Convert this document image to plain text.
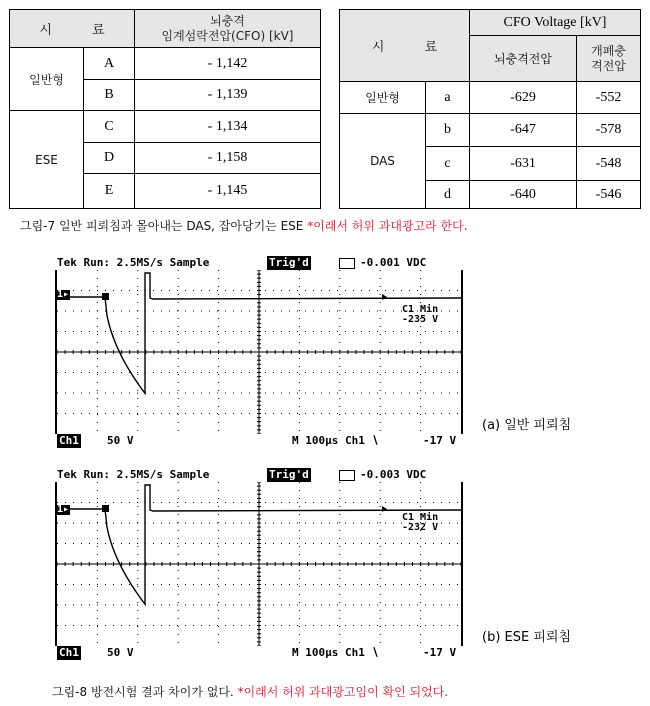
시 료		뇌충격
임계섬락전압(CFO) [kV]

일반형	A	- 1,142
	B	- 1,139
ESE	C	- 1,134
	D	- 1,158
	E	- 1,145
시 료		CFO Voltage [kV]	
		뇌충격전압	개폐충
격전압

일반형	a	-629	-552
DAS	b	-647	-578
	c	-631	-548
	d	-640	-546
그림-7 일반 피뢰침과 몰아내는 DAS, 잡아당기는 ESE *이래서 허위 과대광고라 한다.
Tek Run: 2.5MS/s Sample	Trig'd	-0.001 VDC
1▸
C1 Min
-235 V
Ch1	50 V	M 100µs Ch1 ∖	-17 V
(a) 일반 피뢰침
Tek Run: 2.5MS/s Sample	Trig'd	-0.003 VDC
1▸
C1 Min
-232 V
Ch1	50 V	M 100µs Ch1 ∖	-17 V
(b) ESE 피뢰침
그림-8 방전시험 결과 차이가 없다. *이래서 허위 과대광고임이 확인 되었다.
